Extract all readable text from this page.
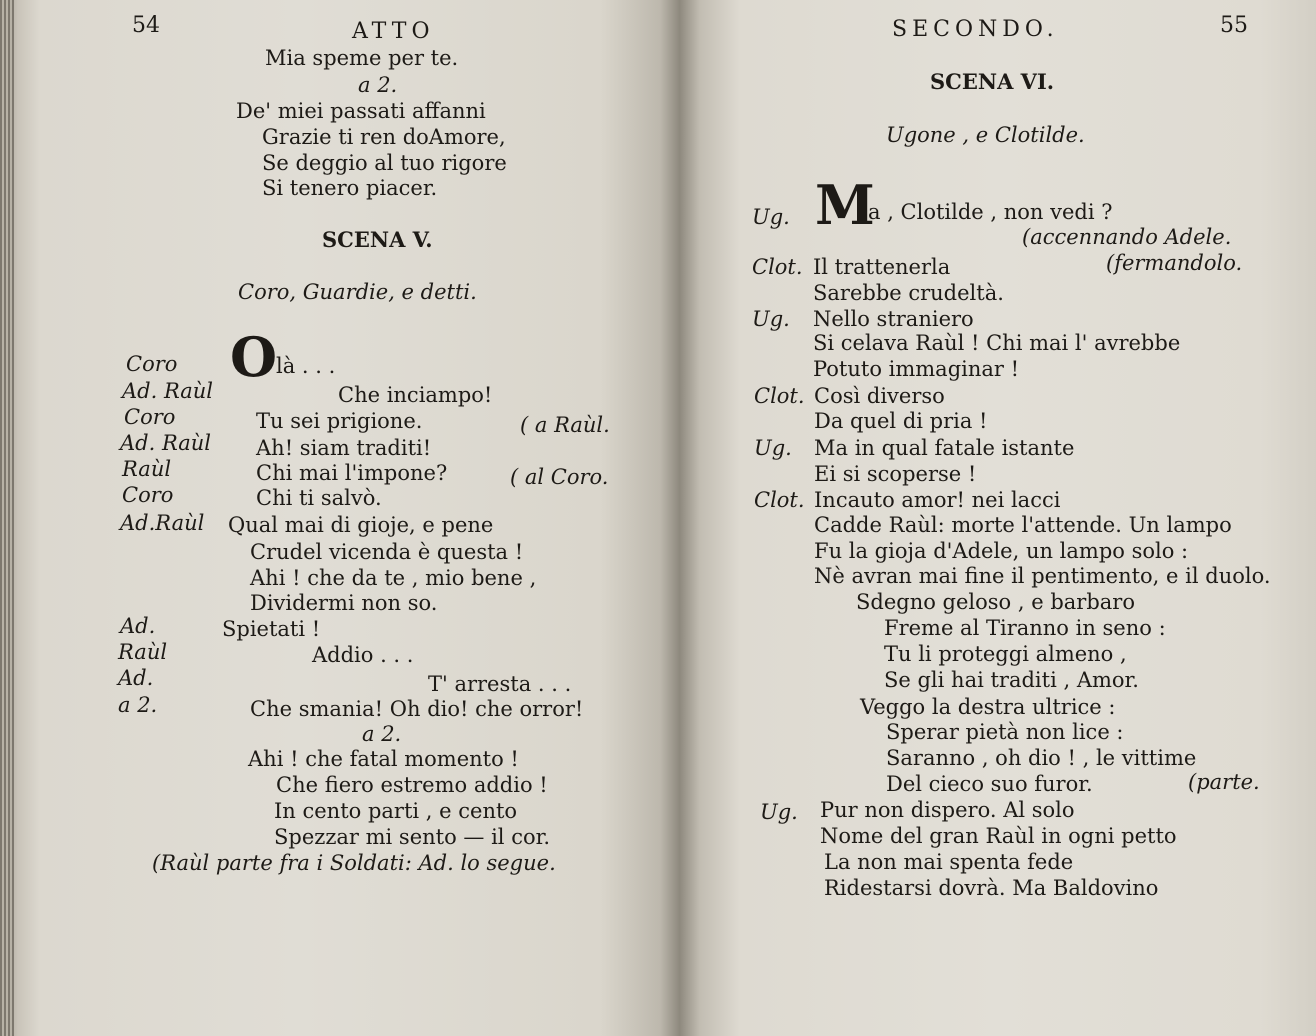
54	ATTO
Mia speme per te.
a 2.
De' miei passati affanni
Grazie ti ren doAmore,
Se deggio al tuo rigore
Si tenero piacer.
SCENA V.
Coro, Guardie, e detti.
Coro O
là . . .
Ad. Raùl	Che inciampo!
Coro	Tu sei prigione.	( a Raùl.
Ad. Raùl Ah! siam traditi!
Raùl	Chi mai l'impone?	( al Coro.
Coro	Chi ti salvò.
Ad.Raùl Qual mai di gioje, e pene
Crudel vicenda è questa !
Ahi ! che da te , mio bene ,
Dividermi non so.
Ad.	Spietati !
Raùl	Addio . . .
Ad.	T' arresta . . .
a 2.	Che smania! Oh dio! che orror!
a 2.
Ahi ! che fatal momento !
Che fiero estremo addio !
In cento parti , e cento
Spezzar mi sento — il cor.
(Raùl parte fra i Soldati: Ad. lo segue.
SECONDO.	55
SCENA VI.
Ugone , e Clotilde.
Ug. M
a , Clotilde , non vedi ?
(accennando Adele.
Clot. Il trattenerla	(fermandolo.
Sarebbe crudeltà.
Ug. Nello straniero
Si celava Raùl ! Chi mai l' avrebbe
Potuto immaginar !
Clot. Così diverso
Da quel di pria !
Ug. Ma in qual fatale istante
Ei si scoperse !
Clot. Incauto amor! nei lacci
Cadde Raùl: morte l'attende. Un lampo
Fu la gioja d'Adele, un lampo solo :
Nè avran mai fine il pentimento, e il duolo.
Sdegno geloso , e barbaro
Freme al Tiranno in seno :
Tu li proteggi almeno ,
Se gli hai traditi , Amor.
Veggo la destra ultrice :
Sperar pietà non lice :
Saranno , oh dio ! , le vittime
Del cieco suo furor.	(parte.
Ug. Pur non dispero. Al solo
Nome del gran Raùl in ogni petto
La non mai spenta fede
Ridestarsi dovrà. Ma Baldovino
